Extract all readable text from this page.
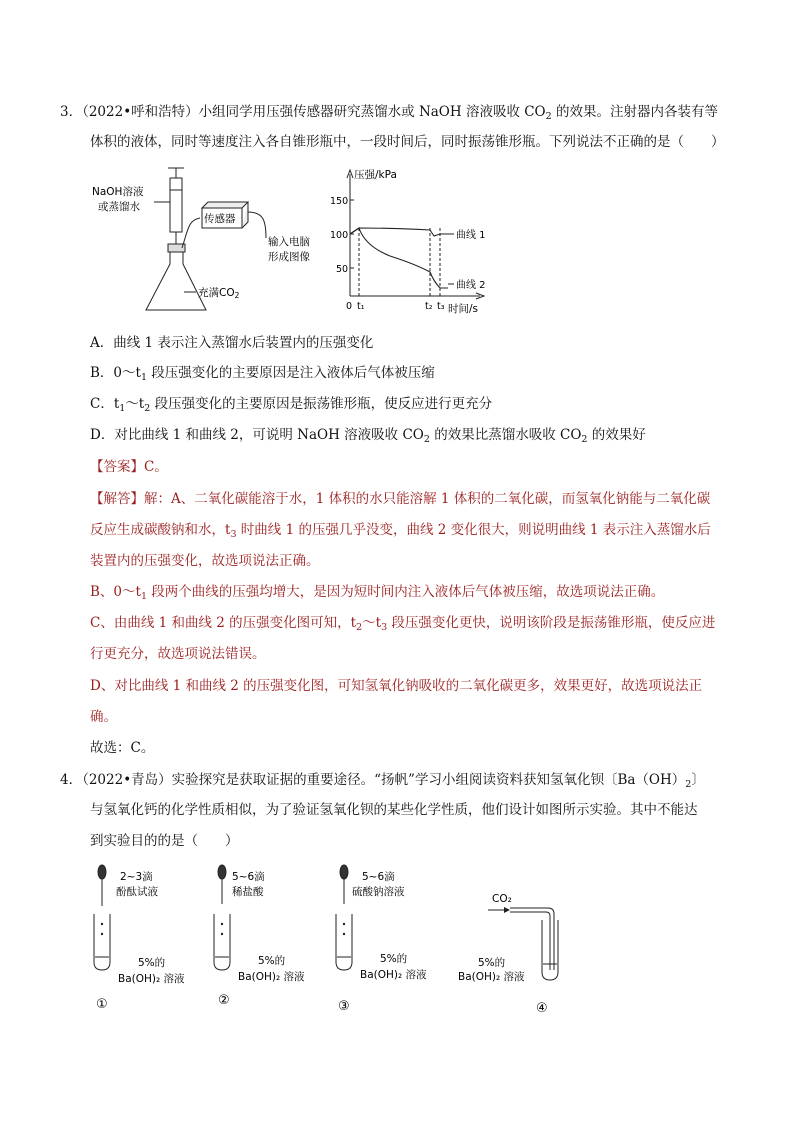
3．（2022•呼和浩特）小组同学用压强传感器研究蒸馏水或 NaOH 溶液吸收 $CO_2$ 的效果。注射器内各装有等
体积的液体，同时等速度注入各自锥形瓶中，一段时间后，同时振荡锥形瓶。下列说法不正确的是（　　）
传感器
输入电脑
形成图像
NaOH溶液
或蒸馏水
充满CO2
压强/kPa
时间/s
150
100
50
0 t₁	t₂ t₃
曲线 1
曲线 2
A．曲线 1 表示注入蒸馏水后装置内的压强变化
B．$0\sim t_1$ 段压强变化的主要原因是注入液体后气体被压缩
C．$t_1\sim t_2$ 段压强变化的主要原因是振荡锥形瓶，使反应进行更充分
D．对比曲线 1 和曲线 2，可说明 NaOH 溶液吸收 $CO_2$ 的效果比蒸馏水吸收 $CO_2$ 的效果好
【答案】C。
【解答】解：A、二氧化碳能溶于水，1 体积的水只能溶解 1 体积的二氧化碳，而氢氧化钠能与二氧化碳
反应生成碳酸钠和水，$t_3$ 时曲线 1 的压强几乎没变，曲线 2 变化很大，则说明曲线 1 表示注入蒸馏水后
装置内的压强变化，故选项说法正确。
B、$0\sim t_1$ 段两个曲线的压强均增大，是因为短时间内注入液体后气体被压缩，故选项说法正确。
C、由曲线 1 和曲线 2 的压强变化图可知，$t_2\sim t_3$ 段压强变化更快，说明该阶段是振荡锥形瓶，使反应进
行更充分，故选项说法错误。
D、对比曲线 1 和曲线 2 的压强变化图，可知氢氧化钠吸收的二氧化碳更多，效果更好，故选项说法正
确。
故选：C。
4．（2022•青岛）实验探究是获取证据的重要途径。“扬帆”学习小组阅读资料获知氢氧化钡〔$Ba(OH)_2$〕
与氢氧化钙的化学性质相似，为了验证氢氧化钡的某些化学性质，他们设计如图所示实验。其中不能达
到实验目的的是（　　）
2~3滴
酚酞试液
5%的
Ba(OH)₂ 溶液
①
5~6滴
稀盐酸
5%的
Ba(OH)₂ 溶液
②
5~6滴
硫酸钠溶液
5%的
Ba(OH)₂ 溶液
③
CO₂
5%的
Ba(OH)₂ 溶液
④
